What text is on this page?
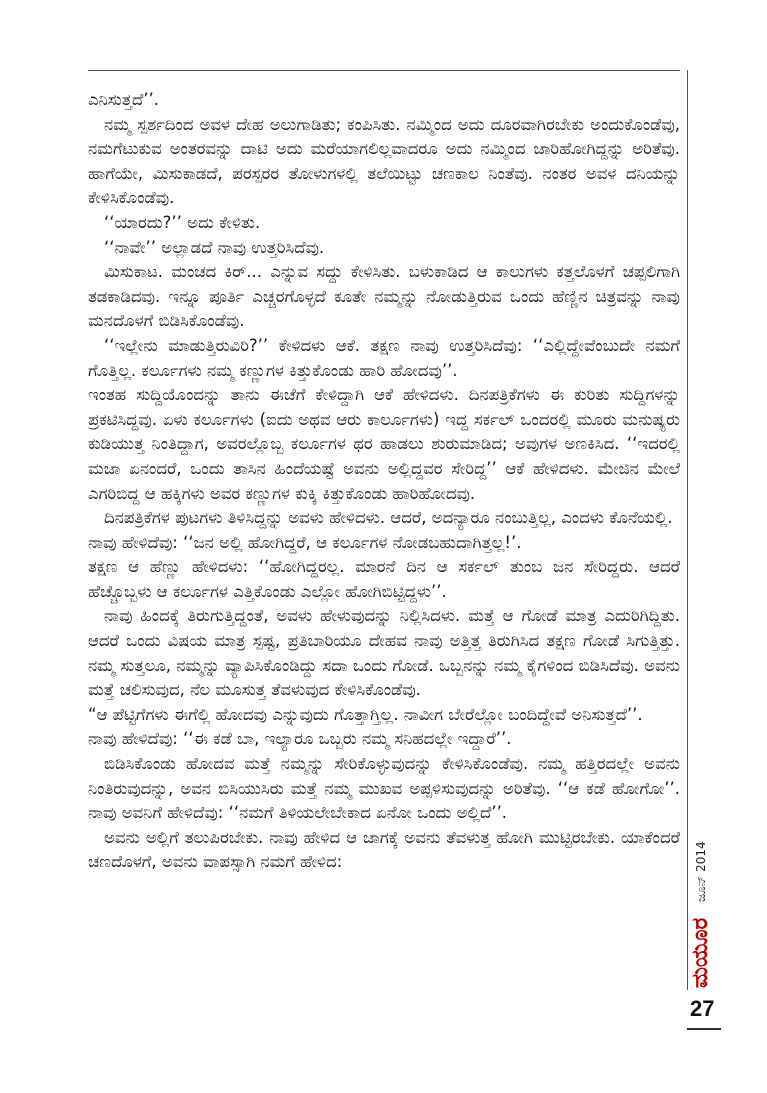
ಎನಿಸುತ್ತದೆ’’.

ನಮ್ಮ ಸ್ಪರ್ಶದಿಂದ ಅವಳ ದೇಹ ಅಲುಗಾಡಿತು; ಕಂಪಿಸಿತು. ನಮ್ಮಿಂದ ಅದು ದೂರವಾಗಿರಬೇಕು ಅಂದುಕೊಂಡೆವು, ನಮಗೆಟುಕುವ ಅಂತರವನ್ನು ದಾಟಿ ಅದು ಮರೆಯಾಗಲಿಲ್ಲವಾದರೂ ಅದು ನಮ್ಮಿಂದ ಜಾರಿಹೋಗಿದ್ದನ್ನು ಅರಿತೆವು. ಹಾಗೆಯೇ, ಮಿಸುಕಾಡದೆ, ಪರಸ್ಪರರ ತೋಳುಗಳಲ್ಲಿ ತಲೆಯಿಟ್ಟು ಚಣಕಾಲ ನಿಂತೆವು. ನಂತರ ಅವಳ ದನಿಯನ್ನು ಕೇಳಿಸಿಕೊಂಡೆವು.

‘‘ಯಾರದು?’’ ಅದು ಕೇಳಿತು.

‘‘ನಾವೇ’’ ಅಲ್ಲಾಡದೆ ನಾವು ಉತ್ತರಿಸಿದೆವು.

ಮಿಸುಕಾಟ. ಮಂಚದ ಕಿರ್‌... ಎನ್ನುವ ಸದ್ದು ಕೇಳಿಸಿತು. ಬಳುಕಾಡಿದ ಆ ಕಾಲುಗಳು ಕತ್ತಲೊಳಗೆ ಚಪ್ಪಲಿಗಾಗಿ ತಡಕಾಡಿದವು. ಇನ್ನೂ ಪೂರ್ತಿ ಎಚ್ಚರಗೊಳ್ಳದೆ ಕೂತೇ ನಮ್ಮನ್ನು ನೋಡುತ್ತಿರುವ ಒಂದು ಹೆಣ್ಣಿನ ಚಿತ್ರವನ್ನು ನಾವು ಮನದೊಳಗೆ ಬಿಡಿಸಿಕೊಂಡೆವು.

‘‘ಇಲ್ಲೇನು ಮಾಡುತ್ತಿರುವಿರಿ?’’ ಕೇಳಿದಳು ಆಕೆ. ತಕ್ಷಣ ನಾವು ಉತ್ತರಿಸಿದೆವು: ‘‘ಎಲ್ಲಿದ್ದೇವೆಂಬುದೇ ನಮಗೆ ಗೊತ್ತಿಲ್ಲ. ಕರ್ಲೂಗಳು ನಮ್ಮ ಕಣ್ಣುಗಳ ಕಿತ್ತುಕೊಂಡು ಹಾರಿ ಹೋದವು’’.

ಇಂತಹ ಸುದ್ದಿಯೊಂದನ್ನು ತಾನು ಈಚೆಗೆ ಕೇಳಿದ್ದಾಗಿ ಆಕೆ ಹೇಳಿದಳು. ದಿನಪತ್ರಿಕೆಗಳು ಈ ಕುರಿತು ಸುದ್ದಿಗಳನ್ನು ಪ್ರಕಟಿಸಿದ್ದವು. ಏಳು ಕರ್ಲೂಗಳು (ಐದು ಅಥವ ಆರು ಕಾರ್ಲೂಗಳು) ಇದ್ದ ಸರ್ಕಲ್ ಒಂದರಲ್ಲಿ ಮೂರು ಮನುಷ್ಯರು ಕುಡಿಯುತ್ತ ನಿಂತಿದ್ದಾಗ, ಅವರಲ್ಲೊಬ್ಬ ಕರ್ಲೂಗಳ ಥರ ಹಾಡಲು ಶುರುಮಾಡಿದ; ಅವುಗಳ ಅಣಕಿಸಿದ. ‘‘ಇದರಲ್ಲಿ ಮಜಾ ಏನಂದರೆ, ಒಂದು ತಾಸಿನ ಹಿಂದೆಯಷ್ಟೆ ಅವನು ಅಲ್ಲಿದ್ದವರ ಸೇರಿದ್ದ’’ ಆಕೆ ಹೇಳಿದಳು. ಮೇಜಿನ ಮೇಲೆ ಎಗರಿಬಿದ್ದ ಆ ಹಕ್ಕಿಗಳು ಅವರ ಕಣ್ಣುಗಳ ಕುಕ್ಕಿ ಕಿತ್ತುಕೊಂಡು ಹಾರಿಹೋದವು.

ದಿನಪತ್ರಿಕೆಗಳ ಪುಟಗಳು ತಿಳಿಸಿದ್ದನ್ನು ಅವಳು ಹೇಳಿದಳು. ಆದರೆ, ಅದನ್ಯಾರೂ ನಂಬುತ್ತಿಲ್ಲ, ಎಂದಳು ಕೊನೆಯಲ್ಲಿ.

ನಾವು ಹೇಳಿದೆವು: ‘‘ಜನ ಅಲ್ಲಿ ಹೋಗಿದ್ದರೆ, ಆ ಕರ್ಲೂಗಳ ನೋಡಬಹುದಾಗಿತ್ತಲ್ಲ!’.

ತಕ್ಷಣ ಆ ಹೆಣ್ಣು ಹೇಳಿದಳು: ‘‘ಹೋಗಿದ್ದರಲ್ಲ. ಮಾರನೆ ದಿನ ಆ ಸರ್ಕಲ್ ತುಂಬ ಜನ ಸೇರಿದ್ದರು. ಆದರೆ ಹೆಚ್ಚೊಬ್ಬಳು ಆ ಕರ್ಲೂಗಳ ಎತ್ತಿಕೊಂಡು ಎಲ್ಲೋ ಹೋಗಿಬಿಟ್ಟಿದ್ದಳು’’.

ನಾವು ಹಿಂದಕ್ಕೆ ತಿರುಗುತ್ತಿದ್ದಂತೆ, ಅವಳು ಹೇಳುವುದನ್ನು ನಿಲ್ಲಿಸಿದಳು. ಮತ್ತೆ ಆ ಗೋಡೆ ಮಾತ್ರ ಎದುರಿಗಿದ್ದಿತು. ಆದರೆ ಒಂದು ವಿಷಯ ಮಾತ್ರ ಸ್ಪಷ್ಟ, ಪ್ರತಿಬಾರಿಯೂ ದೇಹವ ನಾವು ಅತ್ತಿತ್ತ ತಿರುಗಿಸಿದ ತಕ್ಷಣ ಗೋಡೆ ಸಿಗುತ್ತಿತ್ತು. ನಮ್ಮ ಸುತ್ತಲೂ, ನಮ್ಮನ್ನು ವ್ಯಾಪಿಸಿಕೊಂಡಿದ್ದು ಸದಾ ಒಂದು ಗೋಡೆ. ಒಬ್ಬನನ್ನು ನಮ್ಮ ಕೈಗಳಿಂದ ಬಿಡಿಸಿದೆವು. ಅವನು ಮತ್ತೆ ಚಲಿಸುವುದ, ನೆಲ ಮೂಸುತ್ತ ತೆವಳುವುದ ಕೇಳಿಸಿಕೊಂಡೆವು.

“ಆ ಪೆಟ್ಟಿಗೆಗಳು ಈಗೆಲ್ಲಿ ಹೋದವು ಎನ್ನುವುದು ಗೊತ್ತಾಗ್ತಿಲ್ಲ. ನಾವೀಗ ಬೇರೆಲ್ಲೋ ಬಂದಿದ್ದೇವೆ ಅನಿಸುತ್ತದೆ’’.

ನಾವು ಹೇಳಿದೆವು: ‘‘ಈ ಕಡೆ ಬಾ, ಇಲ್ಯಾರೂ ಒಬ್ಬರು ನಮ್ಮ ಸನಿಹದಲ್ಲೇ ಇದ್ದಾರೆ’’.

ಬಿಡಿಸಿಕೊಂಡು ಹೋದವ ಮತ್ತೆ ನಮ್ಮನ್ನು ಸೇರಿಕೊಳ್ಳುವುದನ್ನು ಕೇಳಿಸಿಕೊಂಡೆವು. ನಮ್ಮ ಹತ್ತಿರದಲ್ಲೇ ಅವನು ನಿಂತಿರುವುದನ್ನು, ಅವನ ಬಿಸಿಯುಸಿರು ಮತ್ತೆ ನಮ್ಮ ಮುಖವ ಅಪ್ಪಳಿಸುವುದನ್ನು ಅರಿತೆವು. ‘‘ಆ ಕಡೆ ಹೋಗೋ’’. ನಾವು ಅವನಿಗೆ ಹೇಳಿದೆವು: ‘‘ನಮಗೆ ತಿಳಿಯಲೇಬೇಕಾದ ಏನೋ ಒಂದು ಅಲ್ಲಿದೆ’’.

ಅವನು ಅಲ್ಲಿಗೆ ತಲುಪಿರಬೇಕು. ನಾವು ಹೇಳಿದ ಆ ಜಾಗಕ್ಕೆ ಅವನು ತೆವಳುತ್ತ ಹೋಗಿ ಮುಟ್ಟಿರಬೇಕು. ಯಾಕೆಂದರೆ ಚಣದೊಳಗೆ, ಅವನು ವಾಪಸ್ಸಾಗಿ ನಮಗೆ ಹೇಳಿದ:	ಜೂನ್ 2014
ಮಯೂರ
27
